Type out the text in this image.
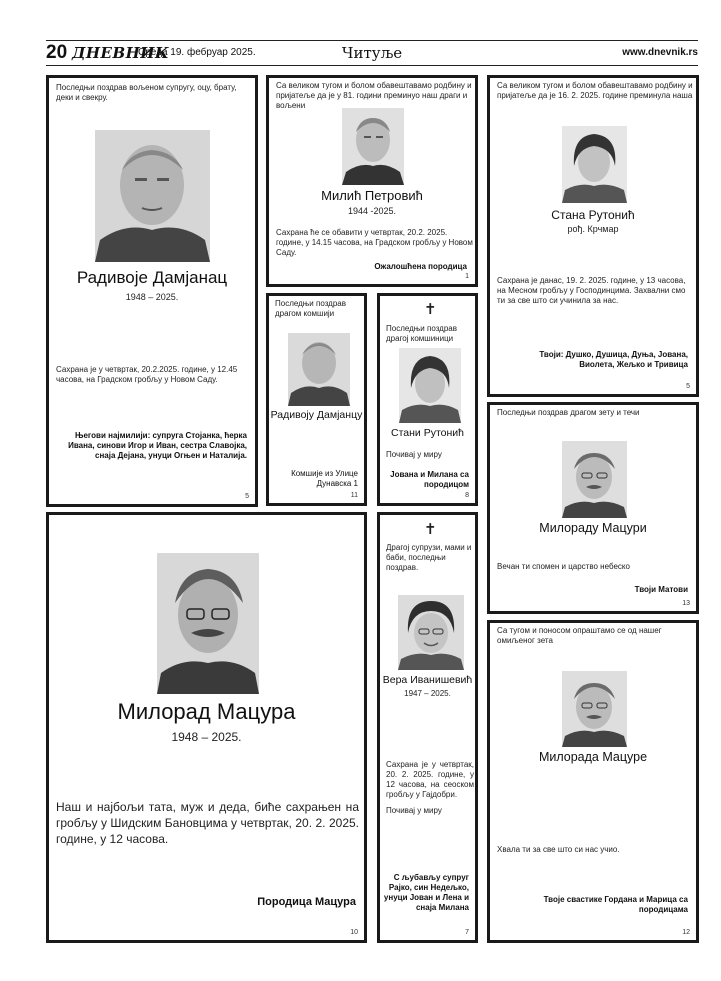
20 ДНЕВНИК
Среда 19. фебруар 2025.	Читуље	www.dnevnik.rs
Последњи поздрав вољеном супругу, оцу, брату, деки и свекру.
Радивоје Дамјанац
1948 – 2025.
Сахрана је у четвртак, 20.2.2025. године, у 12.45 часова, на Градском гробљу у Новом Саду.
Његови најмилији: супруга Стојанка, ћерка Ивана, синови Игор и Иван, сестра Славојка, снаја Дејана, унуци Огњен и Наталија.
5
Са великом тугом и болом обавештавамо родбину и пријатеље да је у 81. години преминуо наш драги и вољени
Милић Петровић
1944 -2025.
Сахрана ће се обавити у четвртак, 20.2. 2025. године, у 14.15 часова, на Градском гробљу у Новом Саду.
Ожалошћена породица
1
Са великом тугом и болом обавештавамо родбину и пријатеље да је 16. 2. 2025. године преминула наша
Стана Рутонић
рођ. Крчмар
Сахрана је данас, 19. 2. 2025. године, у 13 часова, на Месном гробљу у Господинцима. Захвални смо ти за све што си учинила за нас.
Твоји: Душко, Душица, Дуња, Јована, Виолета, Жељко и Тривица
5
Последњи поздрав драгом комшији
Радивоју Дамјанцу
Комшије из Улице Дунавска 1
11
✝
Последњи поздрав драгој комшиници
Стани Рутонић
Почивај у миру
Јована и Милана са породицом
8
Последњи поздрав драгом зету и течи
Милораду Мацури
Вечан ти спомен и царство небеско
Твоји Матови
13
Милорад Мацура
1948 – 2025.
Наш и најбољи тата, муж и деда, биће сахрањен на гробљу у Шидским Бановцима у четвртак, 20. 2. 2025. године, у 12 часова.
Породица Мацура
10
✝
Драгој супрузи, мами и баби, последњи поздрав.
Вера Иванишевић
1947 – 2025.
Сахрана је у четвртак, 20. 2. 2025. године, у 12 часова, на сеоском гробљу у Гајдобри.
Почивај у миру
С љубављу супруг Рајко, син Недељко, унуци Јован и Лена и снаја Милана
7
Са тугом и поносом опраштамо се од нашег омиљеног зета
Милорада Мацуре
Хвала ти за све што си нас учио.
Твоје свастике Гордана и Марица са породицама
12
